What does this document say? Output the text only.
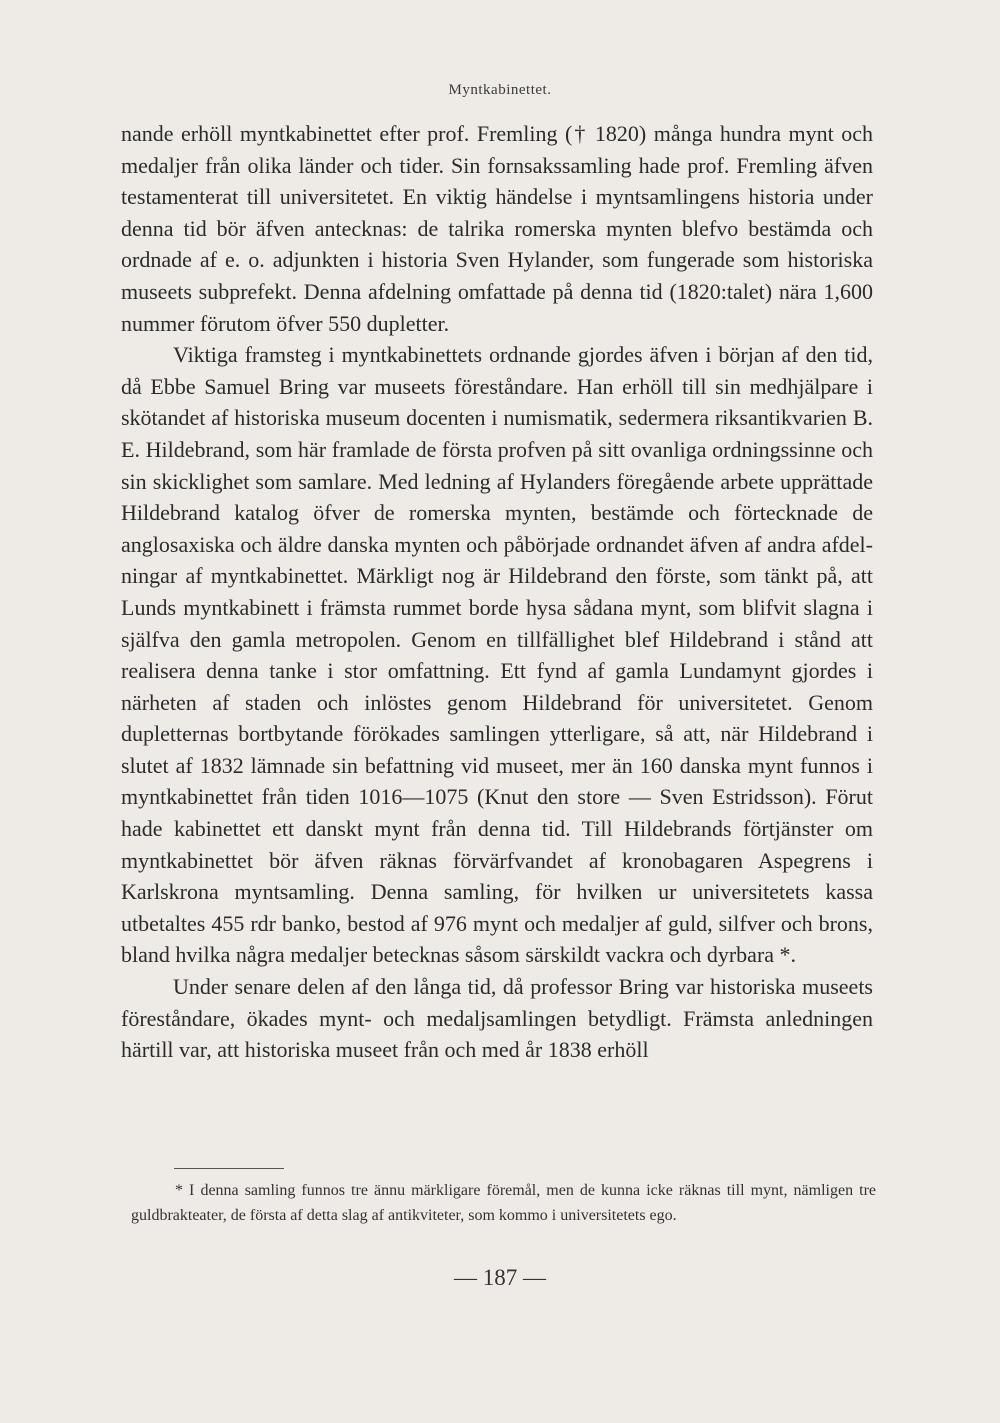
Myntkabinettet.

nande erhöll myntkabinettet efter prof. Fremling († 1820) många hundra mynt och medaljer från olika länder och tider. Sin fornsakssamling hade prof. Fremling äfven testamenterat till universitetet. En viktig händelse i myntsamlingens historia under denna tid bör äfven antecknas: de talrika romerska mynten blefvo bestämda och ordnade af e. o. adjunkten i historia Sven Hylander, som fungerade som historiska museets subprefekt. Denna afdelning omfattade på denna tid (1820:talet) nära 1,600 nummer förutom öfver 550 dupletter.

Viktiga framsteg i myntkabinettets ordnande gjordes äfven i början af den tid, då Ebbe Samuel Bring var museets föreståndare. Han erhöll till sin medhjälpare i skötandet af historiska museum docenten i numismatik, sedermera riksantikvarien B. E. Hildebrand, som här framlade de första profven på sitt ovanliga ordningssinne och sin skicklighet som samlare. Med ledning af Hylanders föregående arbete upprättade Hildebrand katalog öfver de romerska mynten, bestämde och förtecknade de anglosaxiska och äldre danska mynten och påbörjade ordnandet äfven af andra afdelningar af myntkabinettet. Märkligt nog är Hildebrand den förste, som tänkt på, att Lunds myntkabinett i främsta rummet borde hysa sådana mynt, som blifvit slagna i själfva den gamla metropolen. Genom en tillfällighet blef Hildebrand i stånd att realisera denna tanke i stor omfattning. Ett fynd af gamla Lundamynt gjordes i närheten af staden och inlöstes genom Hildebrand för universitetet. Genom dupletternas bortbytande förökades samlingen ytterligare, så att, när Hildebrand i slutet af 1832 lämnade sin befattning vid museet, mer än 160 danska mynt funnos i myntkabinettet från tiden 1016—1075 (Knut den store — Sven Estridsson). Förut hade kabinettet ett danskt mynt från denna tid. Till Hildebrands förtjänster om myntkabinettet bör äfven räknas förvärfvandet af kronobagaren Aspegrens i Karlskrona myntsamling. Denna samling, för hvilken ur universitetets kassa utbetaltes 455 rdr banko, bestod af 976 mynt och medaljer af guld, silfver och brons, bland hvilka några medaljer betecknas såsom särskildt vackra och dyrbara *.

Under senare delen af den långa tid, då professor Bring var historiska museets föreståndare, ökades mynt- och medaljsamlingen betydligt. Främsta anledningen härtill var, att historiska museet från och med år 1838 erhöll

* I denna samling funnos tre ännu märkligare föremål, men de kunna icke räknas till mynt, nämligen tre guldbrakteater, de första af detta slag af antikviteter, som kommo i universitetets ego.

— 187 —
